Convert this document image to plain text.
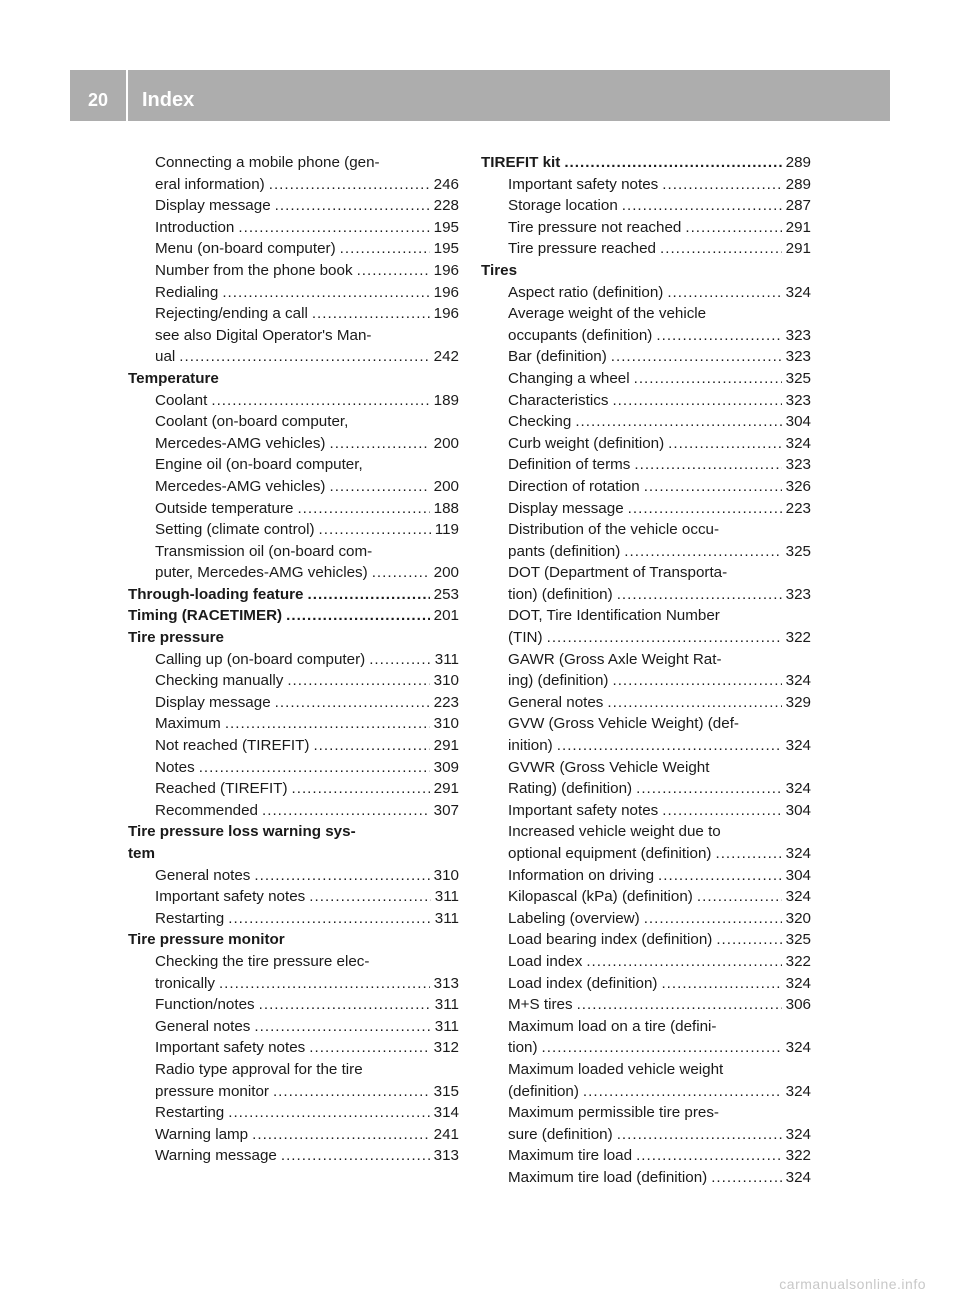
20	Index
Connecting a mobile phone (gen-
eral information) .....	246
Display message .....	228
Introduction .....	195
Menu (on-board computer) .....	195
Number from the phone book .....	196
Redialing .....	196
Rejecting/ending a call .....	196
see also Digital Operator's Man-
ual .....	242
Temperature
Coolant .....	189
Coolant (on-board computer,
Mercedes-AMG vehicles) .....	200
Engine oil (on-board computer,
Mercedes-AMG vehicles) .....	200
Outside temperature .....	188
Setting (climate control) .....	119
Transmission oil (on-board com-
puter, Mercedes-AMG vehicles) .....	200
Through-loading feature .....	253
Timing (RACETIMER) .....	201
Tire pressure
Calling up (on-board computer) .....	311
Checking manually .....	310
Display message .....	223
Maximum .....	310
Not reached (TIREFIT) .....	291
Notes .....	309
Reached (TIREFIT) .....	291
Recommended .....	307
Tire pressure loss warning sys-
tem
General notes .....	310
Important safety notes .....	311
Restarting .....	311
Tire pressure monitor
Checking the tire pressure elec-
tronically .....	313
Function/notes .....	311
General notes .....	311
Important safety notes .....	312
Radio type approval for the tire
pressure monitor .....	315
Restarting .....	314
Warning lamp .....	241
Warning message .....	313
TIREFIT kit .....	289
Important safety notes .....	289
Storage location .....	287
Tire pressure not reached .....	291
Tire pressure reached .....	291
Tires
Aspect ratio (definition) .....	324
Average weight of the vehicle
occupants (definition) .....	323
Bar (definition) .....	323
Changing a wheel .....	325
Characteristics .....	323
Checking .....	304
Curb weight (definition) .....	324
Definition of terms .....	323
Direction of rotation .....	326
Display message .....	223
Distribution of the vehicle occu-
pants (definition) .....	325
DOT (Department of Transporta-
tion) (definition) .....	323
DOT, Tire Identification Number
(TIN) .....	322
GAWR (Gross Axle Weight Rat-
ing) (definition) .....	324
General notes .....	329
GVW (Gross Vehicle Weight) (def-
inition) .....	324
GVWR (Gross Vehicle Weight
Rating) (definition) .....	324
Important safety notes .....	304
Increased vehicle weight due to
optional equipment (definition) .....	324
Information on driving .....	304
Kilopascal (kPa) (definition) .....	324
Labeling (overview) .....	320
Load bearing index (definition) .....	325
Load index .....	322
Load index (definition) .....	324
M+S tires .....	306
Maximum load on a tire (defini-
tion) .....	324
Maximum loaded vehicle weight
(definition) .....	324
Maximum permissible tire pres-
sure (definition) .....	324
Maximum tire load .....	322
Maximum tire load (definition) .....	324
carmanualsonline.info
